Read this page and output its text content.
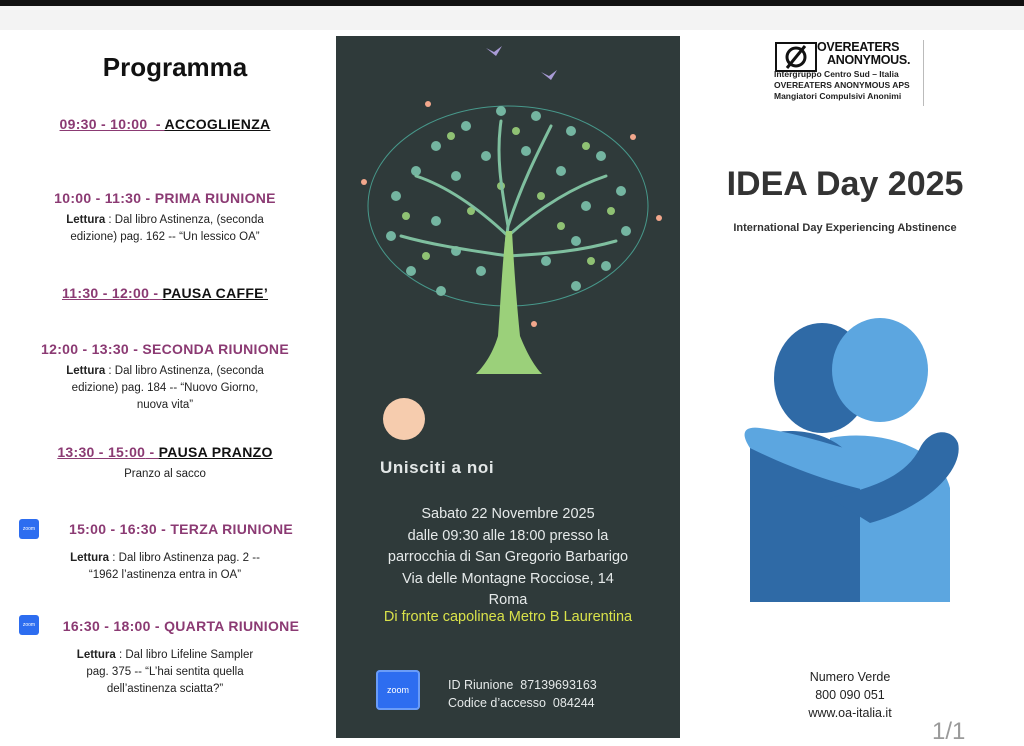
Programma
09:30 - 10:00  - ACCOGLIENZA
10:00 - 11:30 - PRIMA RIUNIONE
Lettura : Dal libro Astinenza, (seconda
edizione) pag. 162 -- “Un lessico OA”
11:30 - 12:00 - PAUSA CAFFE’
12:00 - 13:30 - SECONDA RIUNIONE
Lettura : Dal libro Astinenza, (seconda
edizione) pag. 184 -- “Nuovo Giorno,
nuova vita”
13:30 - 15:00 - PAUSA PRANZO
Pranzo al sacco
zoom	15:00 - 16:30 - TERZA RIUNIONE
Lettura : Dal libro Astinenza pag. 2 --
“1962 l’astinenza entra in OA”
zoom	16:30 - 18:00 - QUARTA RIUNIONE
Lettura : Dal libro Lifeline Sampler
pag. 375 -- “L’hai sentita quella
dell’astinenza sciatta?”
Unisciti a noi
Sabato 22 Novembre 2025
dalle 09:30 alle 18:00 presso la
parrocchia di San Gregorio Barbarigo
Via delle Montagne Rocciose, 14
Roma
Di fronte capolinea Metro B Laurentina
zoom	ID Riunione 87139693163
Codice d’accesso 084244
OVEREATERS
ANONYMOUS.
Intergruppo Centro Sud – Italia
OVEREATERS ANONYMOUS APS
Mangiatori Compulsivi Anonimi
IDEA Day 2025
International Day Experiencing Abstinence
Numero Verde
800 090 051
www.oa-italia.it
1/1
